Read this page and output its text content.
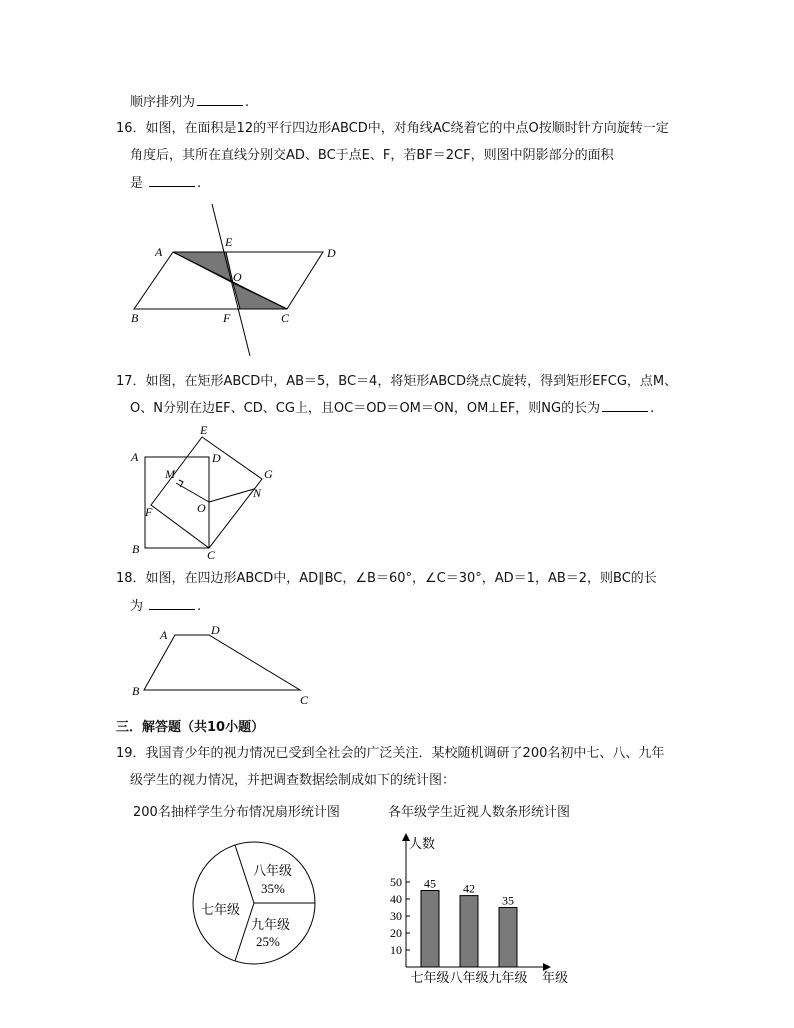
顺序排列为	.
16．如图，在面积是12的平行四边形ABCD中，对角线AC绕着它的中点O按顺时针方向旋转一定
角度后，其所在直线分别交AD、BC于点E、F，若BF＝2CF，则图中阴影部分的面积
是	.
A
E
D
O
B	F	C
17．如图，在矩形ABCD中，AB＝5，BC＝4，将矩形ABCD绕点C旋转，得到矩形EFCG，点M、
O、N分别在边EF、CD、CG上，且OC＝OD＝OM＝ON，OM⊥EF，则NG的长为	.
A
E
D
M	G
N
O
F
B	C
18．如图，在四边形ABCD中，AD∥BC，∠B＝60°，∠C＝30°，AD＝1，AB＝2，则BC的长
为	.
A	D
B
C
三．解答题（共10小题）
19．我国青少年的视力情况已受到全社会的广泛关注．某校随机调研了200名初中七、八、九年
级学生的视力情况，并把调查数据绘制成如下的统计图：
200名抽样学生分布情况扇形统计图	各年级学生近视人数条形统计图
七年级
八年级
35%
九年级
25%
人数
年级
10
20
30
40
50 45
七年级
42
八年级
35
九年级
